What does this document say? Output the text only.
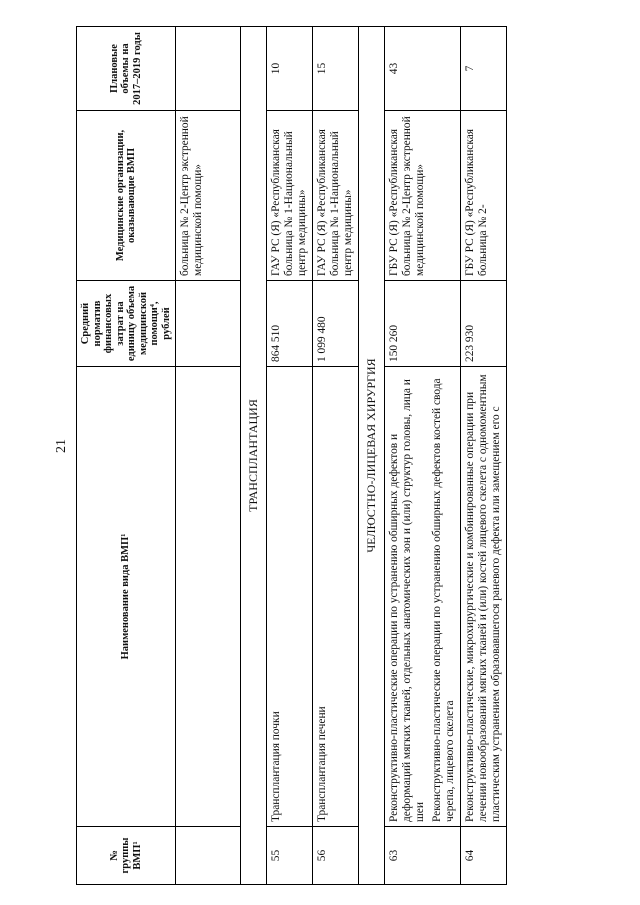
21
№ группы ВМП¹	Наименование вида ВМП¹	Средний норматив финансовых затрат на единицу объема медицинской помощи⁴, рублей	Медицинские организации, оказывающие ВМП	Плановые объемы на 2017–2019 годы
			больница № 2-Центр экстренной медицинской помощи»	
ТРАНСПЛАНТАЦИЯ				
55	Трансплантация почки	864 510	ГАУ РС (Я) «Республиканская больница № 1-Национальный центр медицины»	10
56	Трансплантация печени	1 099 480	ГАУ РС (Я) «Республиканская больница № 1-Национальный центр медицины»	15
ЧЕЛЮСТНО-ЛИЦЕВАЯ ХИРУРГИЯ				
63	Реконструктивно-пластические операции по устранению обширных дефектов и деформаций мягких тканей, отдельных анатомических зон и (или) структур головы, лица и шеи Реконструктивно-пластические операции по устранению обширных дефектов костей свода черепа, лицевого скелета	150 260	ГБУ РС (Я) «Республиканская больница № 2-Центр экстренной медицинской помощи»	43
64	Реконструктивно-пластические, микрохирургические и комбинированные операции при лечении новообразований мягких тканей и (или) костей лицевого скелета с одномоментным пластическим устранением образовавшегося раневого дефекта или замещением его с	223 930	ГБУ РС (Я) «Республиканская больница № 2-	7
